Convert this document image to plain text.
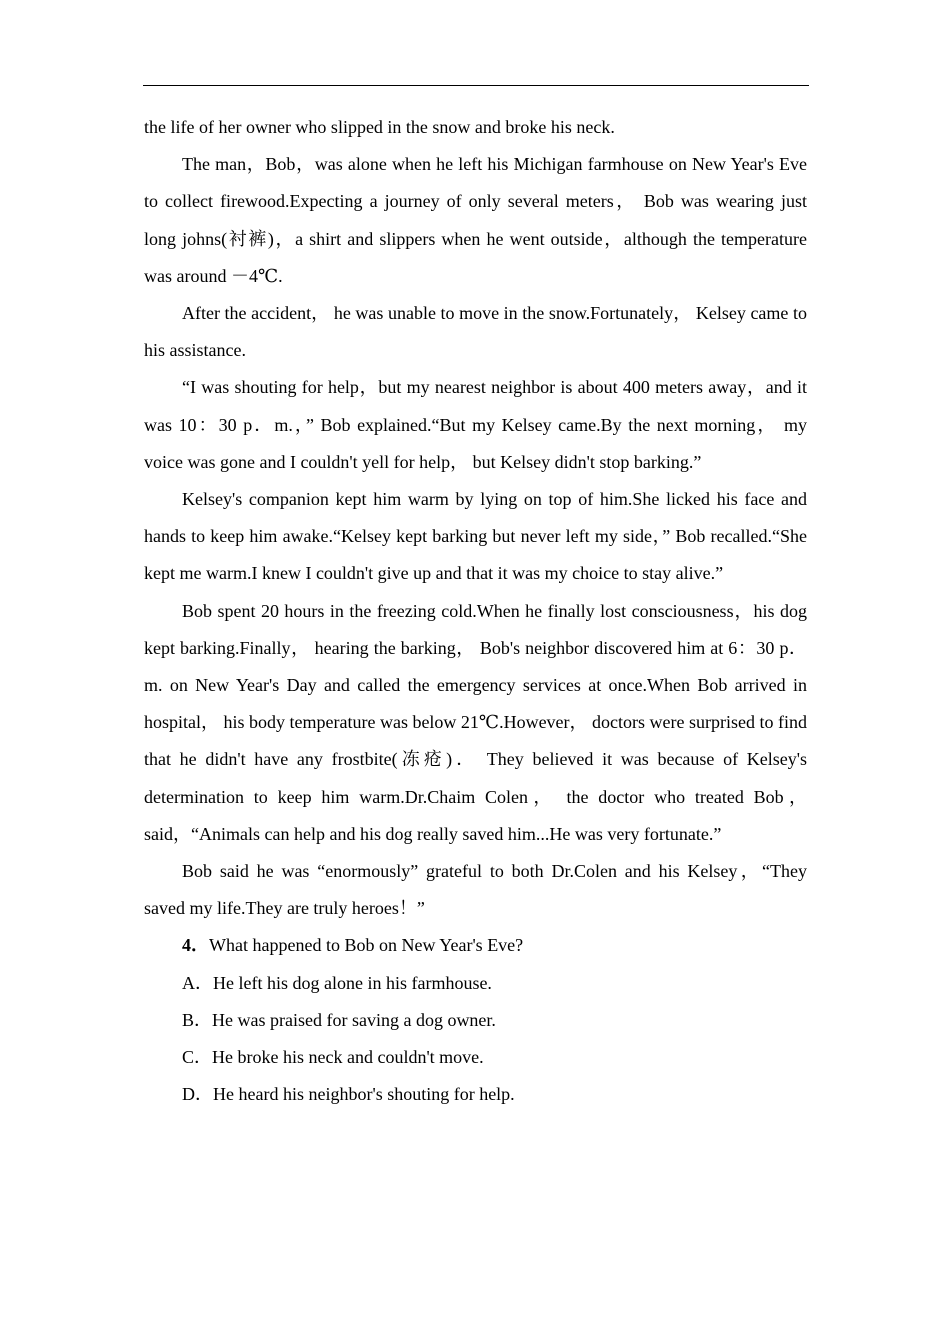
the life of her owner who slipped in the snow and broke his neck.

The man，Bob，was alone when he left his Michigan farmhouse on New Year's Eve to collect firewood.Expecting a journey of only several meters， Bob was wearing just long johns(衬裤)，a shirt and slippers when he went outside，although the temperature was around －4℃.

After the accident， he was unable to move in the snow.Fortunately， Kelsey came to his assistance.

“I was shouting for help，but my nearest neighbor is about 400 meters away，and it was 10：30 p．m.，” Bob explained.“But my Kelsey came.By the next morning， my voice was gone and I couldn't yell for help， but Kelsey didn't stop barking.”

Kelsey's companion kept him warm by lying on top of him.She licked his face and hands to keep him awake.“Kelsey kept barking but never left my side，” Bob recalled.“She kept me warm.I knew I couldn't give up and that it was my choice to stay alive.”

Bob spent 20 hours in the freezing cold.When he finally lost consciousness，his dog kept barking.Finally， hearing the barking， Bob's neighbor discovered him at 6：30 p．m. on New Year's Day and called the emergency services at once.When Bob arrived in hospital， his body temperature was below 21℃.However， doctors were surprised to find that he didn't have any frostbite(冻疮)． They believed it was because of Kelsey's determination to keep him warm.Dr.Chaim Colen， the doctor who treated Bob， said，“Animals can help and his dog really saved him...He was very fortunate.”

Bob said he was “enormously” grateful to both Dr.Colen and his Kelsey，“They saved my life.They are truly heroes！”

4．What happened to Bob on New Year's Eve?

A．He left his dog alone in his farmhouse.

B．He was praised for saving a dog owner.

C．He broke his neck and couldn't move.

D．He heard his neighbor's shouting for help.
